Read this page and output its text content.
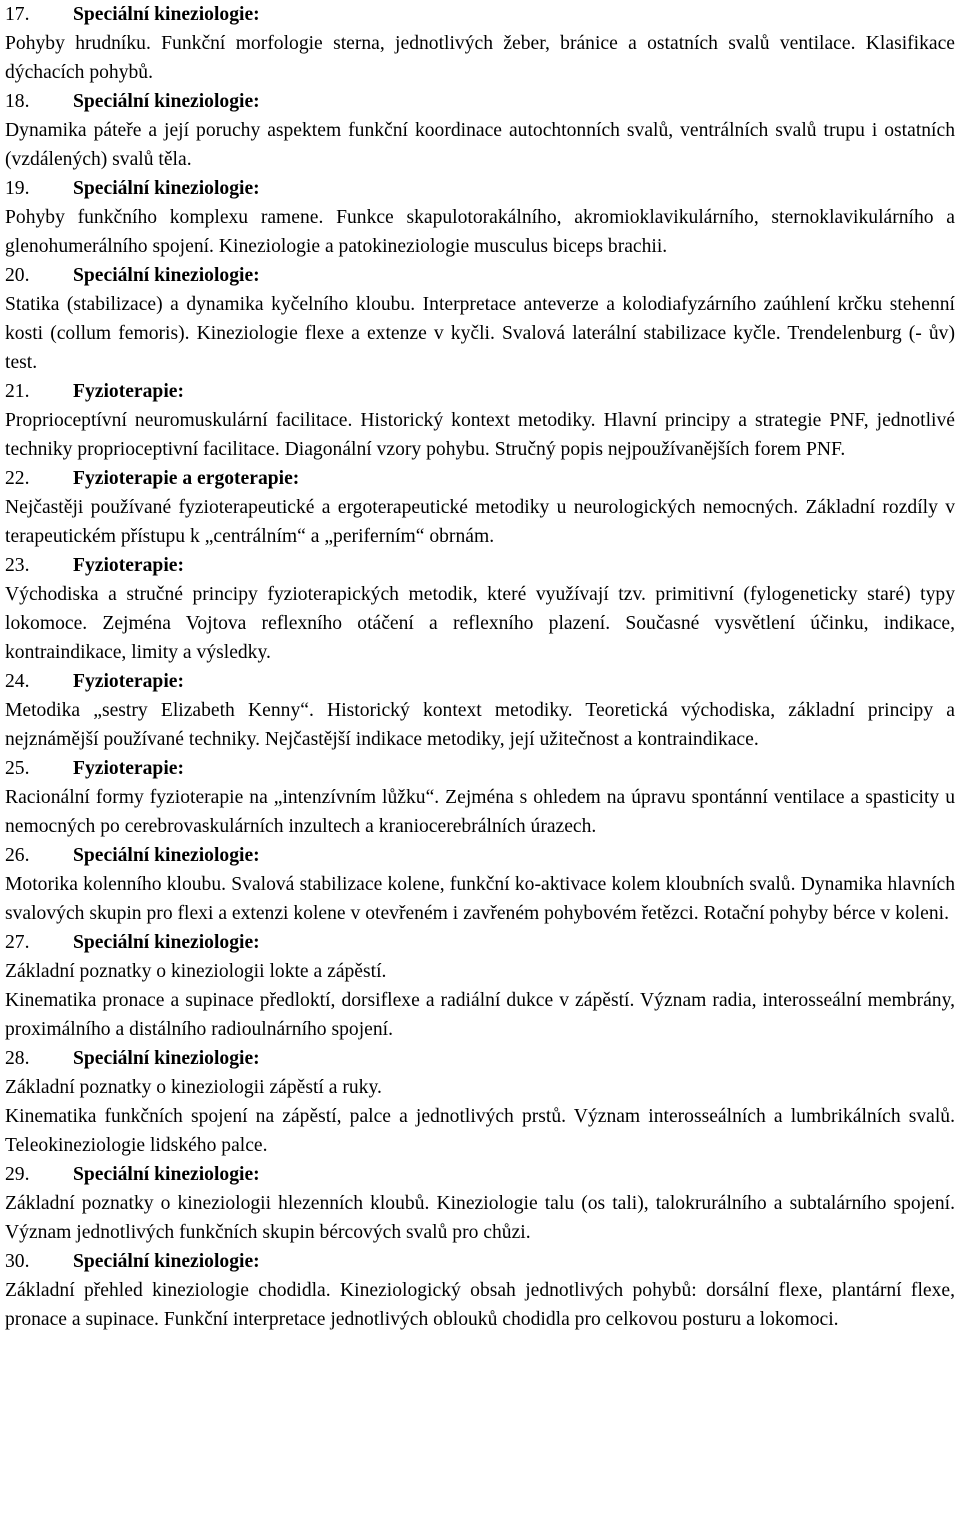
17. Speciální kineziologie:
Pohyby hrudníku. Funkční morfologie sterna, jednotlivých žeber, bránice a ostatních svalů ventilace. Klasifikace dýchacích pohybů.
18. Speciální kineziologie:
Dynamika páteře a její poruchy aspektem funkční koordinace autochtonních svalů, ventrálních svalů trupu i ostatních (vzdálených) svalů těla.
19. Speciální kineziologie:
Pohyby funkčního komplexu ramene. Funkce skapulotorakálního, akromioklavikulárního, sternoklavikulárního a glenohumerálního spojení. Kineziologie a patokineziologie musculus biceps brachii.
20. Speciální kineziologie:
Statika (stabilizace) a dynamika kyčelního kloubu. Interpretace anteverze a kolodiafyzárního zaúhlení krčku stehenní kosti (collum femoris). Kineziologie flexe a extenze v kyčli. Svalová laterální stabilizace kyčle. Trendelenburg (- ův) test.
21. Fyzioterapie:
Proprioceptívní neuromuskulární facilitace. Historický kontext metodiky. Hlavní principy a strategie PNF, jednotlivé techniky proprioceptivní facilitace. Diagonální vzory pohybu. Stručný popis nejpoužívanějších forem PNF.
22. Fyzioterapie a ergoterapie:
Nejčastěji používané fyzioterapeutické a ergoterapeutické metodiky u neurologických nemocných. Základní rozdíly v terapeutickém přístupu k „centrálním“ a „periferním“ obrnám.
23. Fyzioterapie:
Východiska a stručné principy fyzioterapických metodik, které využívají tzv. primitivní (fylogeneticky staré) typy lokomoce. Zejména Vojtova reflexního otáčení a reflexního plazení. Současné vysvětlení účinku, indikace, kontraindikace, limity a výsledky.
24. Fyzioterapie:
Metodika „sestry Elizabeth Kenny“. Historický kontext metodiky. Teoretická východiska, základní principy a nejznámější používané techniky. Nejčastější indikace metodiky, její užitečnost a kontraindikace.
25. Fyzioterapie:
Racionální formy fyzioterapie na „intenzívním lůžku“. Zejména s ohledem na úpravu spontánní ventilace a spasticity u nemocných po cerebrovaskulárních inzultech a kraniocerebrálních úrazech.
26. Speciální kineziologie:
Motorika kolenního kloubu. Svalová stabilizace kolene, funkční ko-aktivace kolem kloubních svalů. Dynamika hlavních svalových skupin pro flexi a extenzi kolene v otevřeném i zavřeném pohybovém řetězci. Rotační pohyby bérce v koleni.
27. Speciální kineziologie:
Základní poznatky o kineziologii lokte a zápěstí.
Kinematika pronace a supinace předloktí, dorsiflexe a radiální dukce v zápěstí. Význam radia, interosseální membrány, proximálního a distálního radioulnárního spojení.
28. Speciální kineziologie:
Základní poznatky o kineziologii zápěstí a ruky.
Kinematika funkčních spojení na zápěstí, palce a jednotlivých prstů. Význam interosseálních a lumbrikálních svalů. Teleokineziologie lidského palce.
29. Speciální kineziologie:
Základní poznatky o kineziologii hlezenních kloubů. Kineziologie talu (os tali), talokrurálního a subtalárního spojení. Význam jednotlivých funkčních skupin bércových svalů pro chůzi.
30. Speciální kineziologie:
Základní přehled kineziologie chodidla. Kineziologický obsah jednotlivých pohybů: dorsální flexe, plantární flexe, pronace a supinace. Funkční interpretace jednotlivých oblouků chodidla pro celkovou posturu a lokomoci.
